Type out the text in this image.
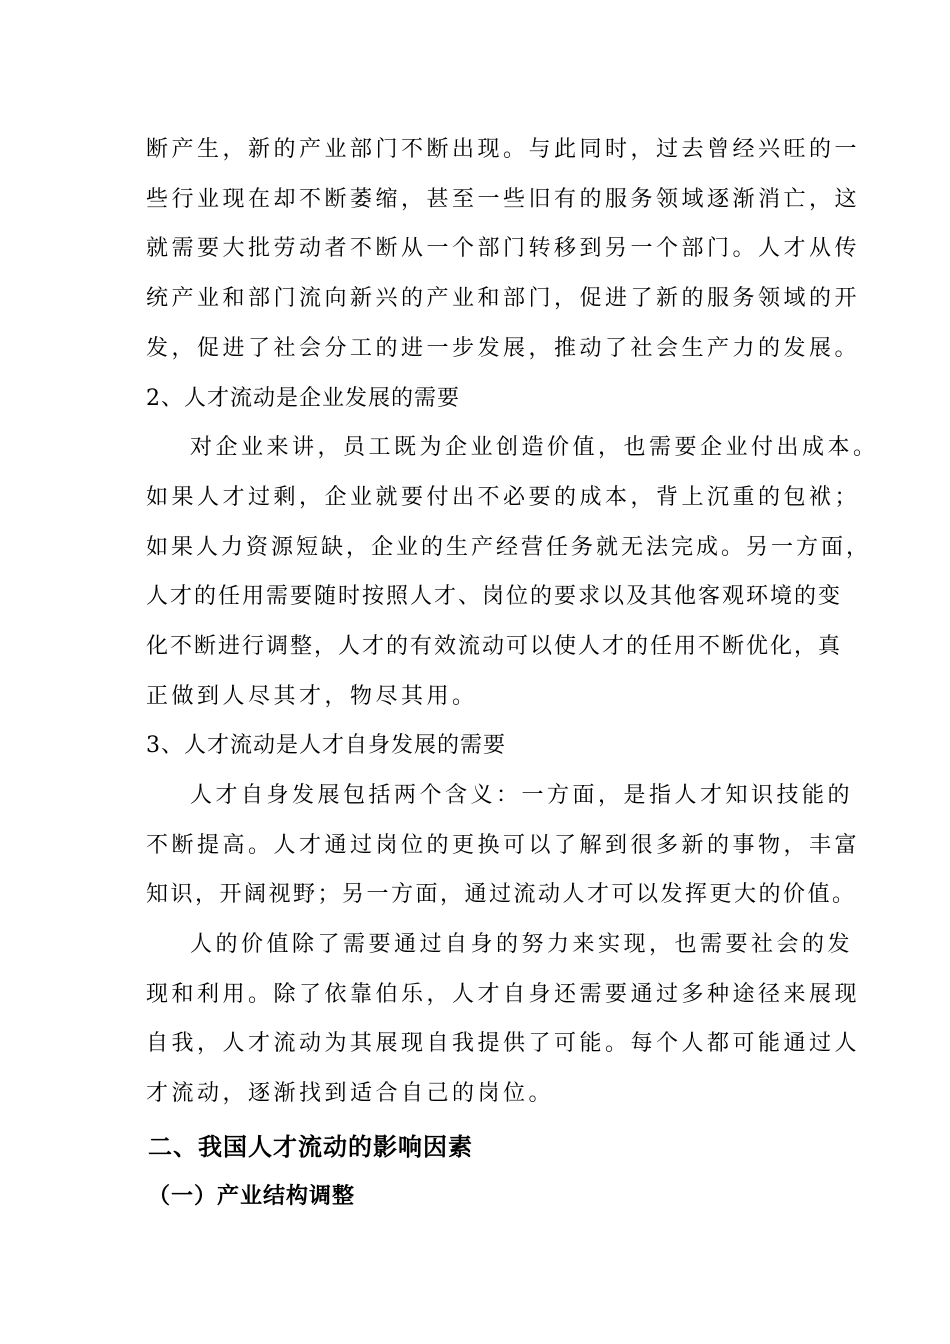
断产生，新的产业部门不断出现。与此同时，过去曾经兴旺的一
些行业现在却不断萎缩，甚至一些旧有的服务领域逐渐消亡，这
就需要大批劳动者不断从一个部门转移到另一个部门。人才从传
统产业和部门流向新兴的产业和部门，促进了新的服务领域的开
发，促进了社会分工的进一步发展，推动了社会生产力的发展。
2、人才流动是企业发展的需要
对企业来讲，员工既为企业创造价值，也需要企业付出成本。
如果人才过剩，企业就要付出不必要的成本，背上沉重的包袱；
如果人力资源短缺，企业的生产经营任务就无法完成。另一方面，
人才的任用需要随时按照人才、岗位的要求以及其他客观环境的变
化不断进行调整，人才的有效流动可以使人才的任用不断优化，真
正做到人尽其才，物尽其用。
3、人才流动是人才自身发展的需要
人才自身发展包括两个含义：一方面，是指人才知识技能的
不断提高。人才通过岗位的更换可以了解到很多新的事物，丰富
知识，开阔视野；另一方面，通过流动人才可以发挥更大的价值。
人的价值除了需要通过自身的努力来实现，也需要社会的发
现和利用。除了依靠伯乐，人才自身还需要通过多种途径来展现
自我，人才流动为其展现自我提供了可能。每个人都可能通过人
才流动，逐渐找到适合自己的岗位。
二、我国人才流动的影响因素
（一）产业结构调整
